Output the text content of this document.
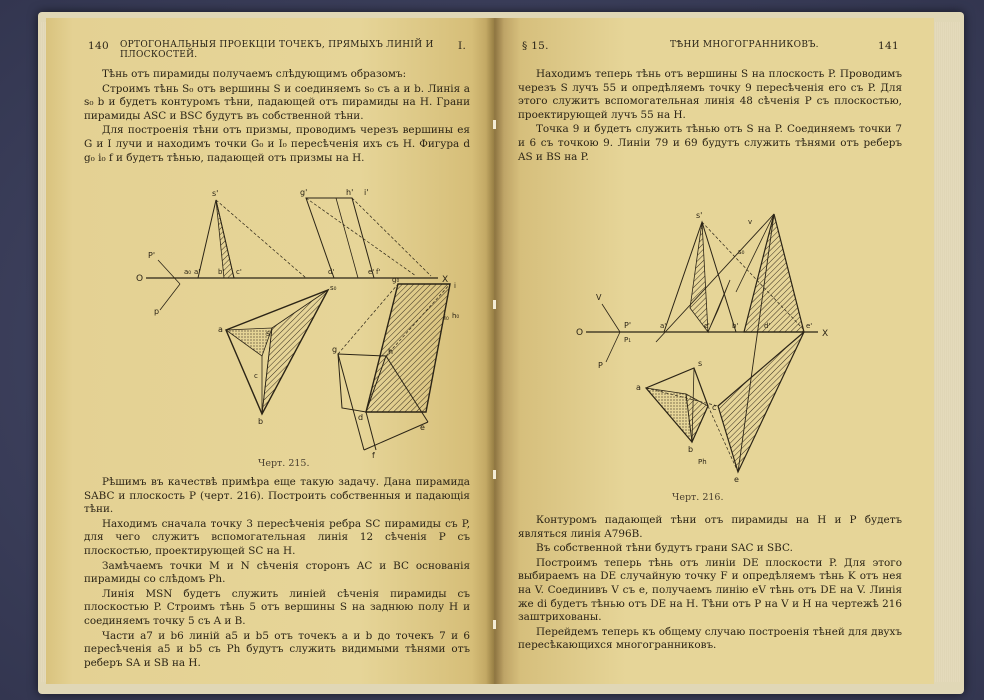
140 ОРТОГОНАЛЬНЫЯ ПРОЕКЦІИ ТОЧЕКЪ, ПРЯМЫХЪ ЛИНІЙ И ПЛОСКОСТЕЙ.
I.

Тѣнь отъ пирамиды получаемъ слѣдующимъ образомъ:

Строимъ тѣнь S₀ отъ вершины S и соединяемъ s₀ съ a и b. Линія a s₀ b и будетъ контуромъ тѣни, падающей отъ пирамиды на H. Грани пирамиды ASC и BSC будутъ въ собственной тѣни.

Для построенія тѣни отъ призмы, проводимъ черезъ вершины ея G и I лучи и находимъ точки G₀ и I₀ пересѣченія ихъ съ H. Фигура d g₀ i₀ f и будетъ тѣнью, падающей отъ призмы на H.

s'	g'	h' i'
P'
O	X
p
a₀	b' c'
a'	e'
d'	f'
g	h
s
a
b
s₀
d
e
f
c
i
g₀
i₀ h₀
Черт. 215.

Рѣшимъ въ качествѣ примѣра еще такую задачу. Дана пирамида SABC и плоскость P (черт. 216). Построить собственныя и падающія тѣни.

Находимъ сначала точку 3 пересѣченія ребра SC пирамиды съ P, для чего служитъ вспомогательная линія 12 сѣченія P съ плоскостью, проектирующей SC на H.

Замѣчаемъ точки M и N сѣченія сторонъ AC и BC основанія пирамиды со слѣдомъ Ph.

Линія MSN будетъ служить линіей сѣченія пирамиды съ плоскостью P. Строимъ тѣнь 5 отъ вершины S на заднюю полу H и соединяемъ точку 5 съ A и B.

Части a7 и b6 линій a5 и b5 отъ точекъ a и b до точекъ 7 и 6 пересѣченія a5 и b5 съ Ph будутъ служить видимыми тѣнями отъ реберъ SA и SB на H.

§ 15.	ТѢНИ МНОГОГРАННИКОВЪ.	141

Находимъ теперь тѣнь отъ вершины S на плоскость P. Проводимъ черезъ S лучъ 55 и опредѣляемъ точку 9 пересѣченія его съ P. Для этого служитъ вспомогательная линія 48 сѣченія P съ плоскостью, проектирующей лучъ 55 на H.

Точка 9 и будетъ служить тѣнью отъ S на P. Соединяемъ точки 7 и 6 съ точкою 9. Линіи 79 и 69 будутъ служить тѣнями отъ реберъ AS и BS на P.

s'
V
P'
O	X
P
P₁
a'	b'
c'	d'	e'
s
a
b
c
Ph
s₀
v
e
Черт. 216.

Контуромъ падающей тѣни отъ пирамиды на H и P будетъ являться линія A796B.

Въ собственной тѣни будутъ грани SAC и SBC.

Построимъ теперь тѣнь отъ линіи DE плоскости P. Для этого выбираемъ на DE случайную точку F и опредѣляемъ тѣнь K отъ нея на V. Соединивъ V съ e, получаемъ линію eV тѣнь отъ DE на V. Линія же di будетъ тѣнью отъ DE на H. Тѣни отъ P на V и H на чертежѣ 216 заштрихованы.

Перейдемъ теперь къ общему случаю построенія тѣней для двухъ пересѣкающихся многогранниковъ.
